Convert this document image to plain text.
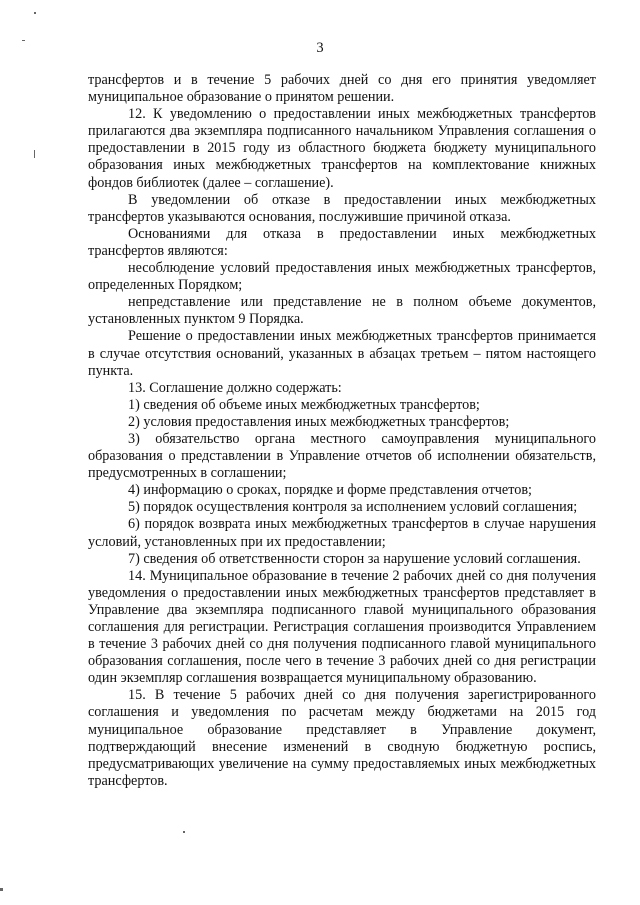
3

трансфертов и в течение 5 рабочих дней со дня его принятия уведомляет муниципальное образование о принятом решении.

12. К уведомлению о предоставлении иных межбюджетных трансфертов прилагаются два экземпляра подписанного начальником Управления соглашения о предоставлении в 2015 году из областного бюджета бюджету муниципального образования иных межбюджетных трансфертов на комплектование книжных фондов библиотек (далее – соглашение).

В уведомлении об отказе в предоставлении иных межбюджетных трансфертов указываются основания, послужившие причиной отказа.

Основаниями для отказа в предоставлении иных межбюджетных трансфертов являются:

несоблюдение условий предоставления иных межбюджетных трансфертов, определенных Порядком;

непредставление или представление не в полном объеме документов, установленных пунктом 9 Порядка.

Решение о предоставлении иных межбюджетных трансфертов принимается в случае отсутствия оснований, указанных в абзацах третьем – пятом настоящего пункта.

13. Соглашение должно содержать:

1) сведения об объеме иных межбюджетных трансфертов;

2) условия предоставления иных межбюджетных трансфертов;

3) обязательство органа местного самоуправления муниципального образования о представлении в Управление отчетов об исполнении обязательств, предусмотренных в соглашении;

4) информацию о сроках, порядке и форме представления отчетов;

5) порядок осуществления контроля за исполнением условий соглашения;

6) порядок возврата иных межбюджетных трансфертов в случае нарушения условий, установленных при их предоставлении;

7) сведения об ответственности сторон за нарушение условий соглашения.

14. Муниципальное образование в течение 2 рабочих дней со дня получения уведомления о предоставлении иных межбюджетных трансфертов представляет в Управление два экземпляра подписанного главой муниципального образования соглашения для регистрации. Регистрация соглашения производится Управлением в течение 3 рабочих дней со дня получения подписанного главой муниципального образования соглашения, после чего в течение 3 рабочих дней со дня регистрации один экземпляр соглашения возвращается муниципальному образованию.

15. В течение 5 рабочих дней со дня получения зарегистрированного соглашения и уведомления по расчетам между бюджетами на 2015 год муниципальное образование представляет в Управление документ, подтверждающий внесение изменений в сводную бюджетную роспись, предусматривающих увеличение на сумму предоставляемых иных межбюджетных трансфертов.
